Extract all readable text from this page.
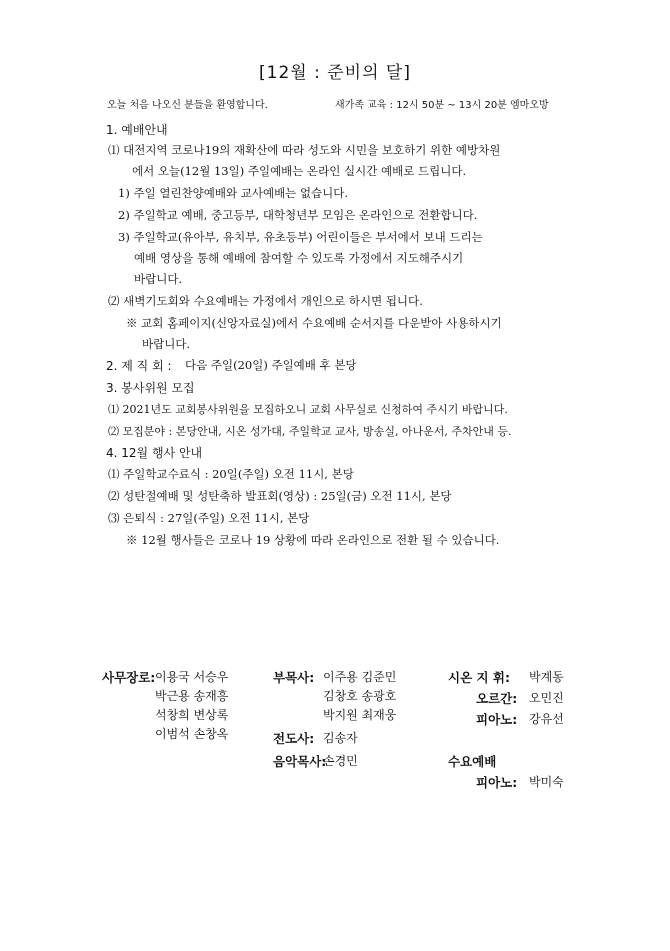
[12월 : 준비의 달]
오늘 처음 나오신 분들을 환영합니다.	새가족 교육 : 12시 50분 ~ 13시 20분 엠마오방
1. 예배안내
⑴ 대전지역 코로나19의 재확산에 따라 성도와 시민을 보호하기 위한 예방차원
에서 오늘(12월 13일) 주일예배는 온라인 실시간 예배로 드립니다.
1) 주일 열린찬양예배와 교사예배는 없습니다.
2) 주일학교 예배, 중고등부, 대학청년부 모임은 온라인으로 전환합니다.
3) 주일학교(유아부, 유치부, 유초등부) 어린이들은 부서에서 보내 드리는
예배 영상을 통해 예배에 참여할 수 있도록 가정에서 지도해주시기
바랍니다.
⑵ 새벽기도회와 수요예배는 가정에서 개인으로 하시면 됩니다.
※ 교회 홈페이지(신앙자료실)에서 수요예배 순서지를 다운받아 사용하시기
바랍니다.
2. 제 직 회 : 다음 주일(20일) 주일예배 후 본당
3. 봉사위원 모집
⑴ 2021년도 교회봉사위원을 모집하오니 교회 사무실로 신청하여 주시기 바랍니다.
⑵ 모집분야 : 본당안내, 시온 성가대, 주일학교 교사, 방송실, 아나운서, 주차안내 등.
4. 12월 행사 안내
⑴ 주일학교수료식 : 20일(주일) 오전 11시, 본당
⑵ 성탄절예배 및 성탄축하 발표회(영상) : 25일(금) 오전 11시, 본당
⑶ 은퇴식 : 27일(주일) 오전 11시, 본당
※ 12월 행사들은 코로나 19 상황에 따라 온라인으로 전환 될 수 있습니다.
사무장로: 이용국 서승우
박근용 송재흥
석창희 변상록
이범석 손창옥
부목사: 이주용 김준민
김창호 송광호
박지원 최재웅
전도사: 김송자
음악목사:
손경민
시온 지 휘: 박계동
오르간: 오민진
피아노: 강유선
수요예배
피아노: 박미숙
